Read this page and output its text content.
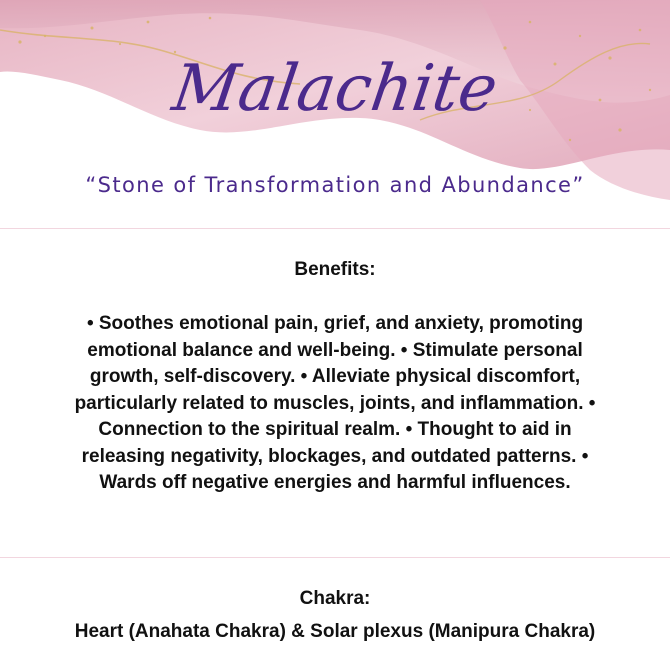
Malachite
“Stone of Transformation and Abundance”
Benefits:
• Soothes emotional pain, grief, and anxiety, promoting emotional balance and well-being. • Stimulate personal growth, self-discovery. • Alleviate physical discomfort, particularly related to muscles, joints, and inflammation. • Connection to the spiritual realm. • Thought to aid in releasing negativity, blockages, and outdated patterns. • Wards off negative energies and harmful influences.
Chakra:
Heart (Anahata Chakra) & Solar plexus (Manipura Chakra)
